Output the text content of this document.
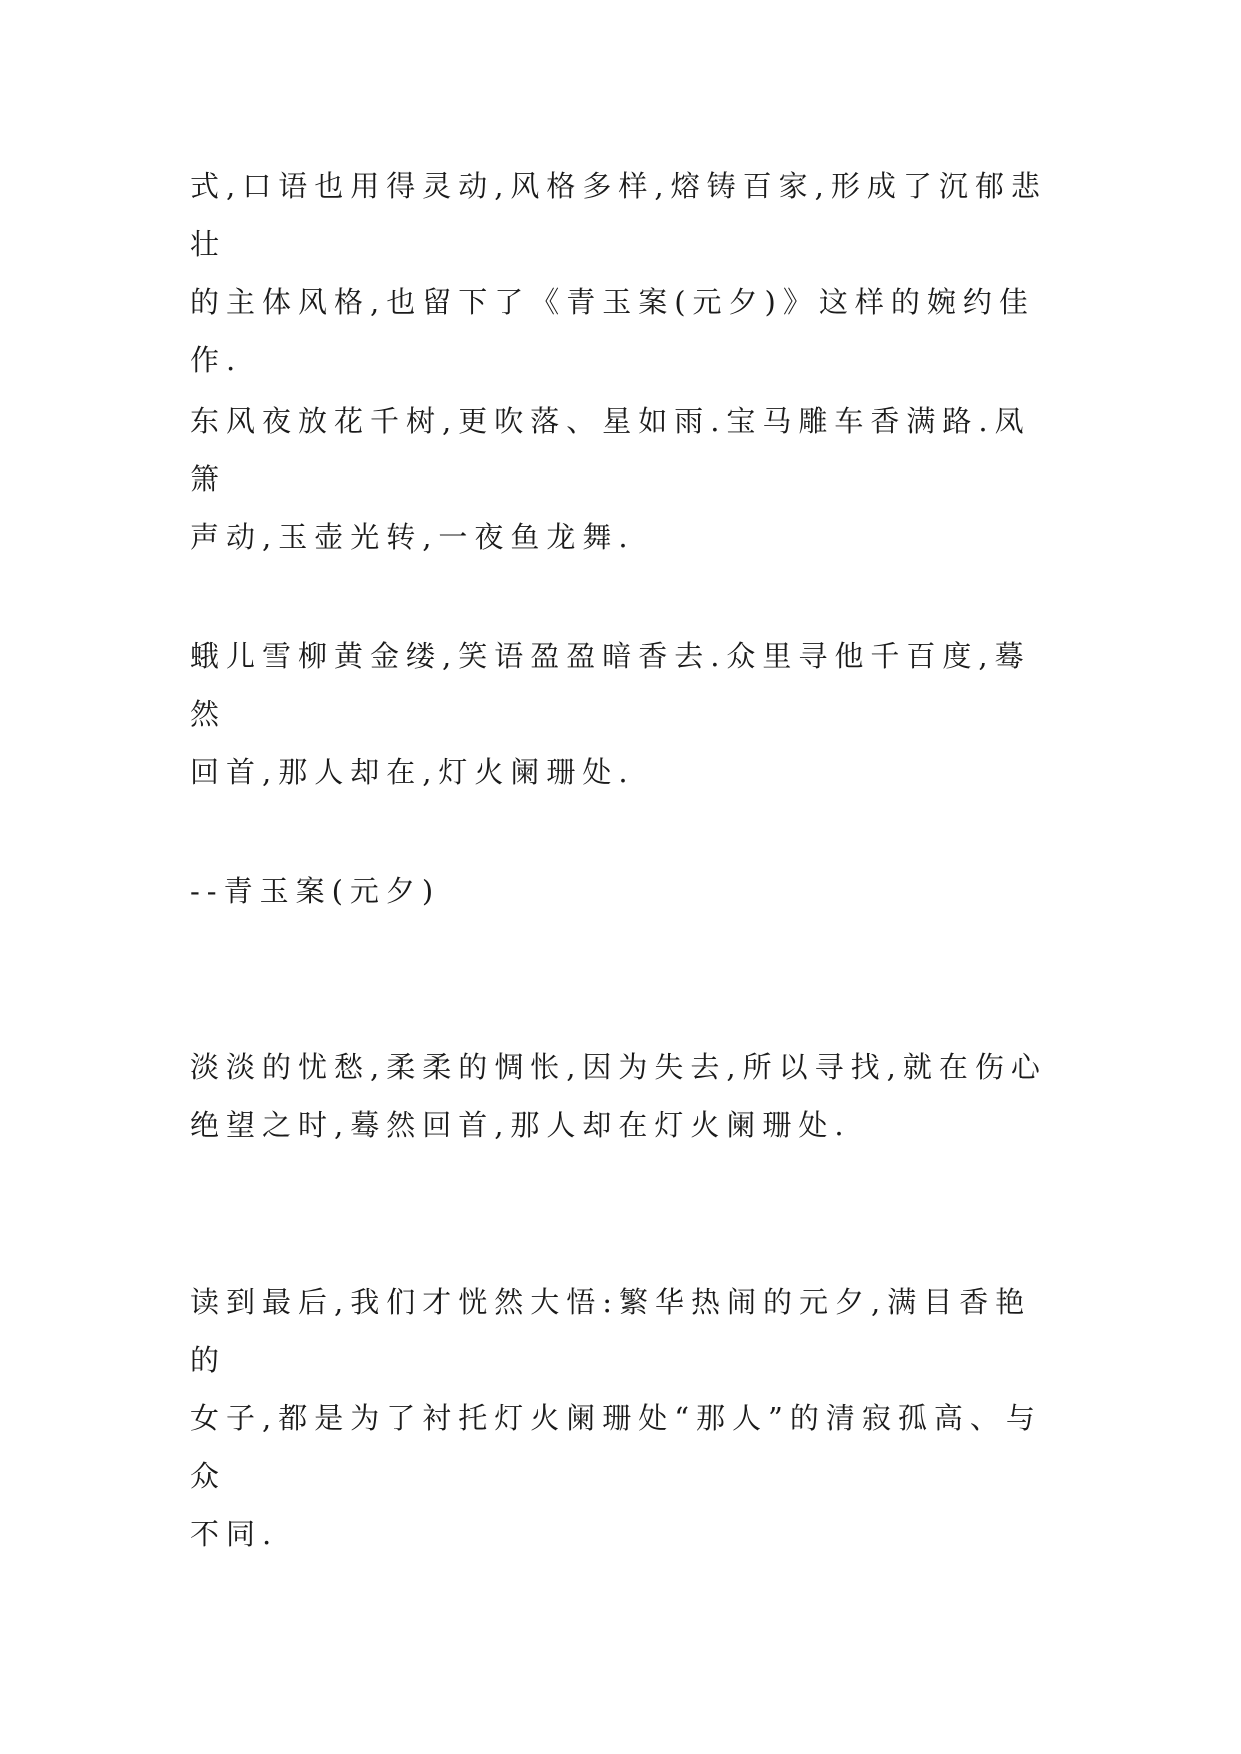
式,口语也用得灵动,风格多样,熔铸百家,形成了沉郁悲壮
的主体风格,也留下了《青玉案(元夕)》这样的婉约佳作.

东风夜放花千树,更吹落、星如雨.宝马雕车香满路.凤箫
声动,玉壶光转,一夜鱼龙舞.

蛾儿雪柳黄金缕,笑语盈盈暗香去.众里寻他千百度,蓦然
回首,那人却在,灯火阑珊处.

--青玉案(元夕)

淡淡的忧愁,柔柔的惆怅,因为失去,所以寻找,就在伤心
绝望之时,蓦然回首,那人却在灯火阑珊处.

读到最后,我们才恍然大悟:繁华热闹的元夕,满目香艳的
女子,都是为了衬托灯火阑珊处“那人”的清寂孤高、与众
不同.
